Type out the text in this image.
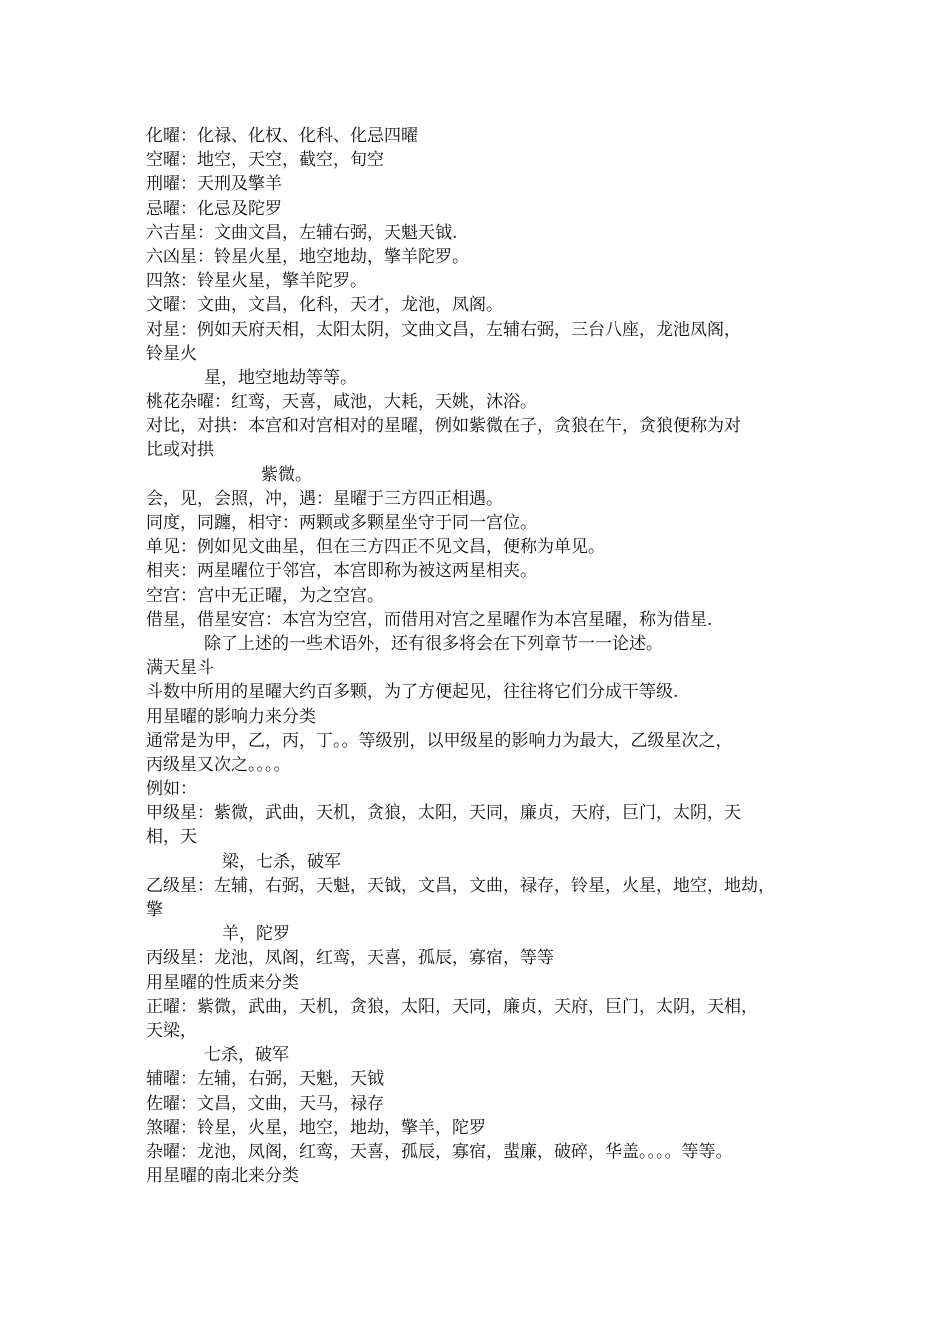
化曜：化禄、化权、化科、化忌四曜
空曜：地空，天空，截空，旬空
刑曜：天刑及擎羊
忌曜：化忌及陀罗
六吉星：文曲文昌，左辅右弼，天魁天钺.
六凶星：铃星火星，地空地劫，擎羊陀罗。
四煞：铃星火星，擎羊陀罗。
文曜：文曲，文昌，化科，天才，龙池，凤阁。
对星：例如天府天相，太阳太阴，文曲文昌，左辅右弼，三台八座，龙池凤阁，
铃星火
星，地空地劫等等。
桃花杂曜：红鸾，天喜，咸池，大耗，天姚，沐浴。
对比，对拱：本宫和对宫相对的星曜，例如紫微在子，贪狼在午，贪狼便称为对
比或对拱
紫微。
会，见，会照，冲，遇：星曜于三方四正相遇。
同度，同躔，相守：两颗或多颗星坐守于同一宫位。
单见：例如见文曲星，但在三方四正不见文昌，便称为单见。
相夹：两星曜位于邻宫，本宫即称为被这两星相夹。
空宫：宫中无正曜，为之空宫。
借星，借星安宫：本宫为空宫，而借用对宫之星曜作为本宫星曜，称为借星.
除了上述的一些术语外，还有很多将会在下列章节一一论述。
满天星斗
斗数中所用的星曜大约百多颗，为了方便起见，往往将它们分成干等级.
用星曜的影响力来分类
通常是为甲，乙，丙，丁。。等级别，以甲级星的影响力为最大，乙级星次之，
丙级星又次之。。。。
例如：
甲级星：紫微，武曲，天机，贪狼，太阳，天同，廉贞，天府，巨门，太阴，天
相，天
梁，七杀，破军
乙级星：左辅，右弼，天魁，天钺，文昌，文曲，禄存，铃星，火星，地空，地劫，
擎
羊，陀罗
丙级星：龙池，凤阁，红鸾，天喜，孤辰，寡宿，等等
用星曜的性质来分类
正曜：紫微，武曲，天机，贪狼，太阳，天同，廉贞，天府，巨门，太阴，天相，
天梁，
七杀，破军
辅曜：左辅，右弼，天魁，天钺
佐曜：文昌，文曲，天马，禄存
煞曜：铃星，火星，地空，地劫，擎羊，陀罗
杂曜：龙池，凤阁，红鸾，天喜，孤辰，寡宿，蜚廉，破碎，华盖。。。。等等。
用星曜的南北来分类
